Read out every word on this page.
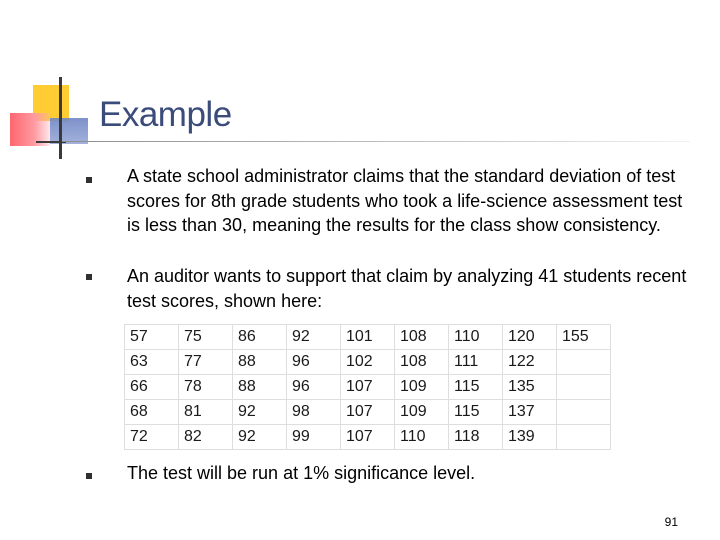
Example
A state school administrator claims that the standard deviation of test scores for 8th grade students who took a life-science assessment test is less than 30, meaning the results for the class show consistency.
An auditor wants to support that claim by analyzing 41 students recent test scores, shown here:
57	75	86	92	101	108	110	120	155
63	77	88	96	102	108	111	122	
66	78	88	96	107	109	115	135	
68	81	92	98	107	109	115	137	
72	82	92	99	107	110	118	139	
The test will be run at 1% significance level.
91
